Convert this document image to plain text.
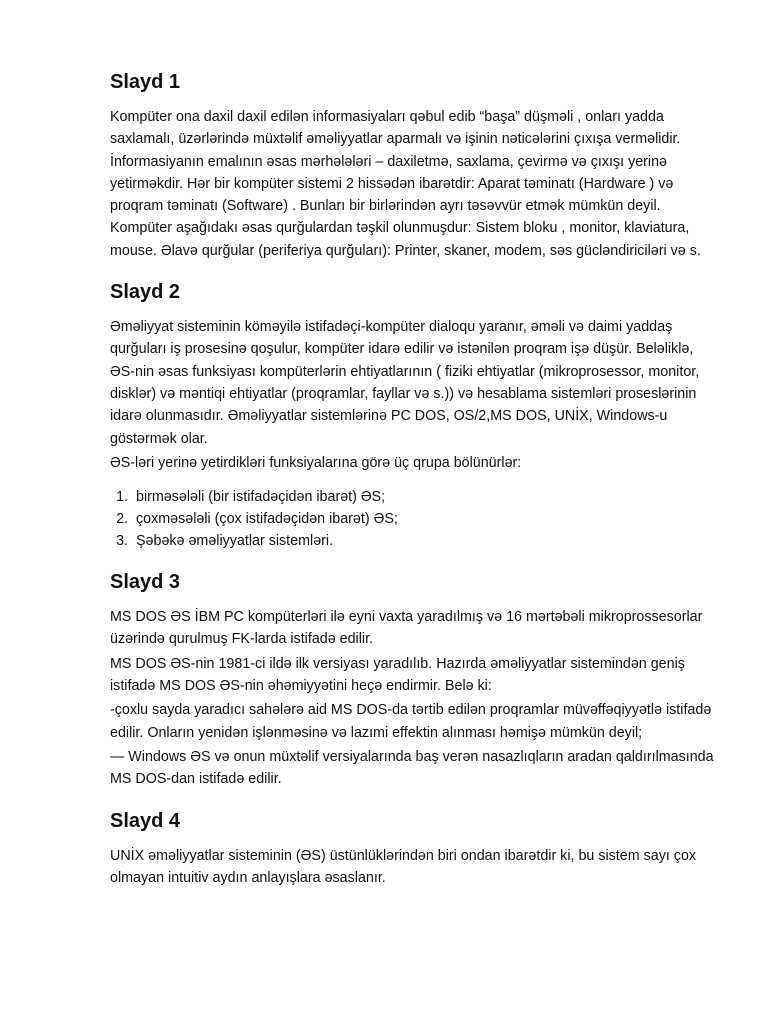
Slayd 1

Kompüter ona daxil daxil edilən informasiyaları qəbul edib “başa” düşməli , onları yadda saxlamalı, üzərlərində müxtəlif əməliyyatlar aparmalı və işinin nəticələrini çıxışa verməlidir. İnformasiyanın emalının əsas mərhələləri – daxiletmə, saxlama, çevirmə və çıxışı yerinə yetirməkdir. Hər bir kompüter sistemi 2 hissədən ibarətdir: Aparat təminatı (Hardware ) və proqram təminatı (Software) . Bunları bir birlərindən ayrı təsəvvür etmək mümkün deyil. Kompüter aşağıdakı əsas qurğulardan təşkil olunmuşdur: Sistem bloku , monitor, klaviatura, mouse. Əlavə qurğular (periferiya qurğuları): Printer, skaner, modem, səs gücləndiriciləri və s.

Slayd 2

Əməliyyat sisteminin köməyilə istifadəçi-kompüter dialoqu yaranır, əməli və daimi yaddaş qurğuları iş prosesinə qoşulur, kompüter idarə edilir və istənilən proqram işə düşür. Beləliklə, ƏS-nin əsas funksiyası kompüterlərin ehtiyatlarının ( fiziki ehtiyatlar (mikroprosessor, monitor, disklər) və məntiqi ehtiyatlar (proqramlar, fayllar və s.)) və hesablama sistemləri proseslərinin idarə olunmasıdır. Əməliyyatlar sistemlərinə PC DOS, OS/2,MS DOS, UNİX, Windows-u göstərmək olar.

ƏS-ləri yerinə yetirdikləri funksiyalarına görə üç qrupa bölünürlər:

1. birməsələli (bir istifadəçidən ibarət) ƏS;
2. çoxməsələli (çox istifadəçidən ibarət) ƏS;
3. Şəbəkə əməliyyatlar sistemləri.
Slayd 3

MS DOS ƏS İBM PC kompüterləri ilə eyni vaxta yaradılmış və 16 mərtəbəli mikroprossesorlar üzərində qurulmuş FK-larda istifadə edilir.

MS DOS ƏS-nin 1981-ci ildə ilk versiyası yaradılıb. Hazırda əməliyyatlar sistemindən geniş istifadə MS DOS ƏS-nin əhəmiyyətini heçə endirmir. Belə ki:

-çoxlu sayda yaradıcı sahələrə aid MS DOS-da tərtib edilən proqramlar müvəffəqiyyətlə istifadə edilir. Onların yenidən işlənməsinə və lazımi effektin alınması həmişə mümkün deyil;

— Windows ƏS və onun müxtəlif versiyalarında baş verən nasazlıqların aradan qaldırılmasında MS DOS-dan istifadə edilir.

Slayd 4

UNİX əməliyyatlar sisteminin (ƏS) üstünlüklərindən biri ondan ibarətdir ki, bu sistem sayı çox olmayan intuitiv aydın anlayışlara əsaslanır.
